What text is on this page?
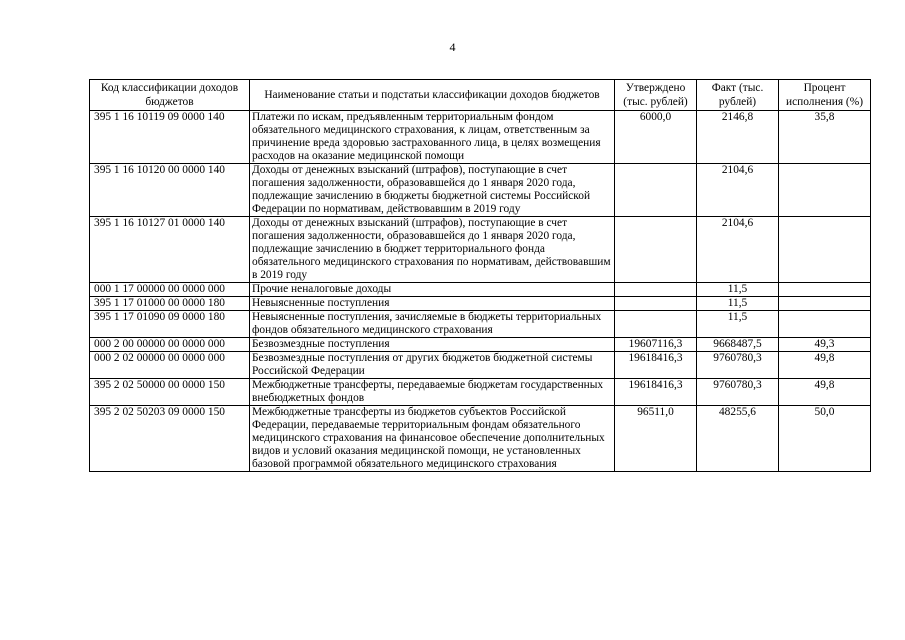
4
Код классификации доходов бюджетов	Наименование статьи и подстатьи классификации доходов бюджетов	Утверждено (тыс. рублей)	Факт (тыс. рублей)	Процент исполнения (%)
395 1 16 10119 09 0000 140	Платежи по искам, предъявленным территориальным фондом обязательного медицинского страхования, к лицам, ответственным за причинение вреда здоровью застрахованного лица, в целях возмещения расходов на оказание медицинской помощи	6000,0	2146,8	35,8
395 1 16 10120 00 0000 140	Доходы от денежных взысканий (штрафов), поступающие в счет погашения задолженности, образовавшейся до 1 января 2020 года, подлежащие зачислению в бюджеты бюджетной системы Российской Федерации по нормативам, действовавшим в 2019 году		2104,6	
395 1 16 10127 01 0000 140	Доходы от денежных взысканий (штрафов), поступающие в счет погашения задолженности, образовавшейся до 1 января 2020 года, подлежащие зачислению в бюджет территориального фонда обязательного медицинского страхования по нормативам, действовавшим в 2019 году		2104,6	
000 1 17 00000 00 0000 000	Прочие неналоговые доходы		11,5	
395 1 17 01000 00 0000 180	Невыясненные поступления		11,5	
395 1 17 01090 09 0000 180	Невыясненные поступления, зачисляемые в бюджеты территориальных фондов обязательного медицинского страхования		11,5	
000 2 00 00000 00 0000 000	Безвозмездные поступления	19607116,3	9668487,5	49,3
000 2 02 00000 00 0000 000	Безвозмездные поступления от других бюджетов бюджетной системы Российской Федерации	19618416,3	9760780,3	49,8
395 2 02 50000 00 0000 150	Межбюджетные трансферты, передаваемые бюджетам государственных внебюджетных фондов	19618416,3	9760780,3	49,8
395 2 02 50203 09 0000 150	Межбюджетные трансферты из бюджетов субъектов Российской Федерации, передаваемые территориальным фондам обязательного медицинского страхования на финансовое обеспечение дополнительных видов и условий оказания медицинской помощи, не установленных базовой программой обязательного медицинского страхования	96511,0	48255,6	50,0
